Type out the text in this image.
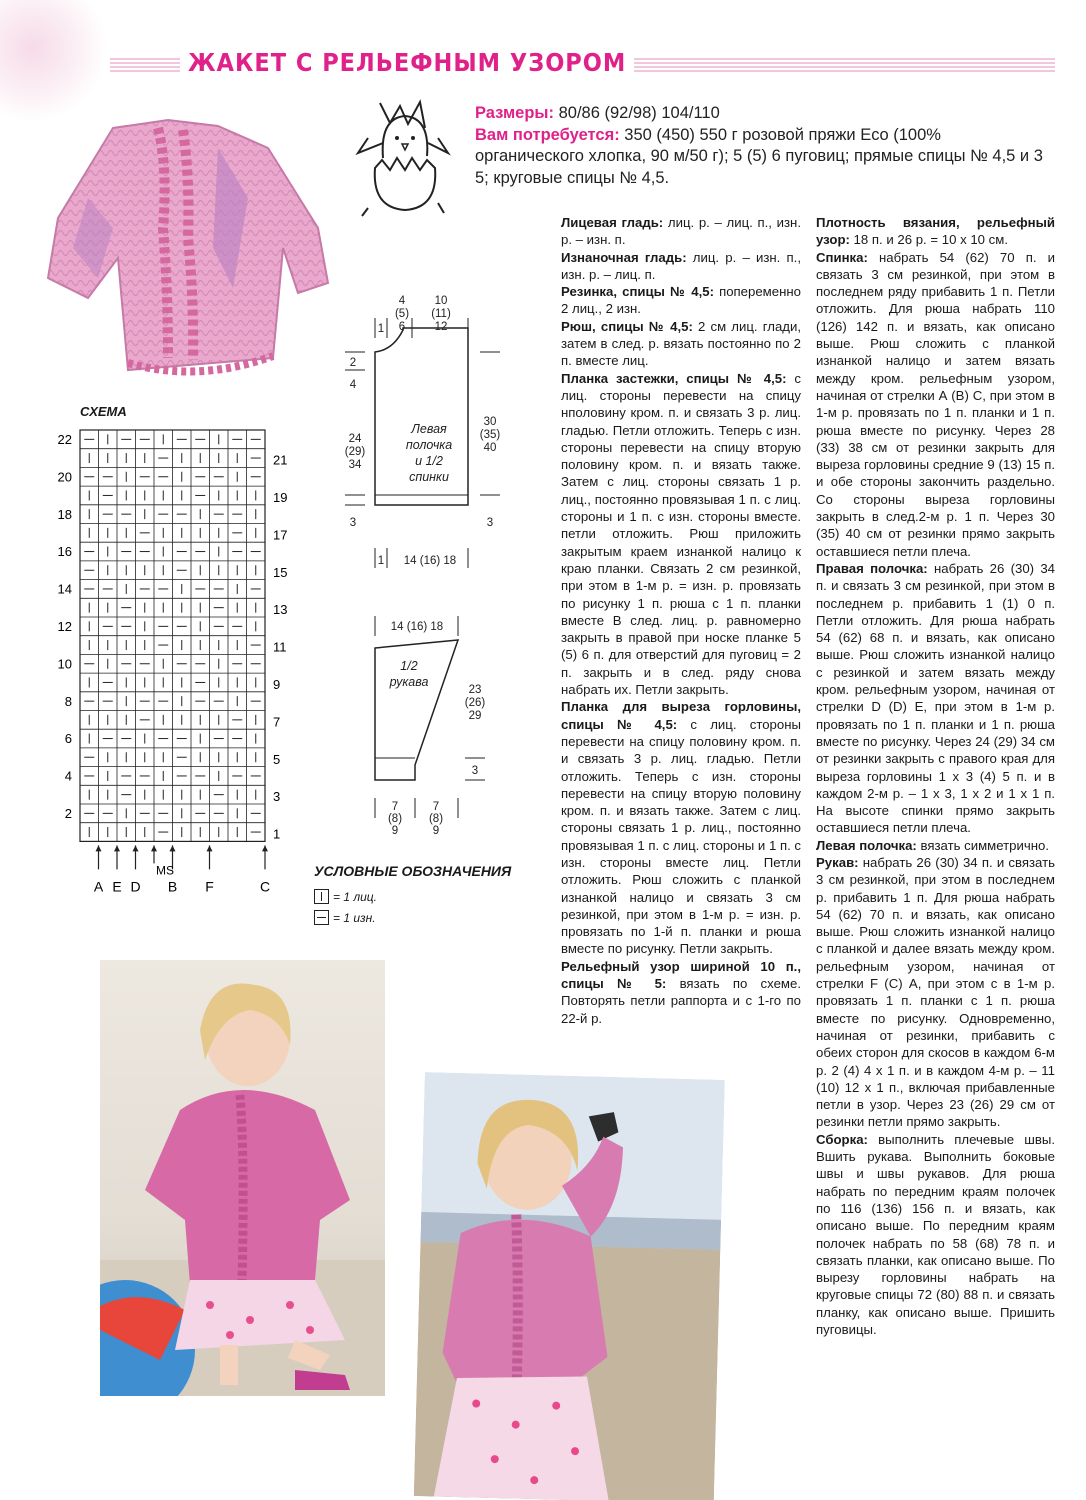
ЖАКЕТ С РЕЛЬЕФНЫМ УЗОРОМ
Размеры: 80/86 (92/98) 104/110
Вам потребуется: 350 (450) 550 г розовой пряжи Eco (100% органического хлопка, 90 м/50 г); 5 (5) 6 пуговиц; прямые спицы № 4,5 и 3 5; круговые спицы № 4,5.

Лицевая гладь: лиц. р. – лиц. п., изн. р. – изн. п.

Изнаночная гладь: лиц. р. – изн. п., изн. р. – лиц. п.

Резинка, спицы № 4,5: попеременно 2 лиц., 2 изн.

Рюш, спицы № 4,5: 2 см лиц. глади, затем в след. р. вязать постоянно по 2 п. вместе лиц.

Планка застежки, спицы № 4,5: с лиц. стороны перевести на спицу нполовину кром. п. и связать 3 р. лиц. гладью. Петли отложить. Теперь с изн. стороны перевести на спицу вторую половину кром. п. и вязать также. Затем с лиц. стороны связать 1 р. лиц., постоянно провязывая 1 п. с лиц. стороны и 1 п. с изн. стороны вместе. петли отложить. Рюш приложить закрытым краем изнанкой налицо к краю планки. Связать 2 см резинкой, при этом в 1-м р. = изн. р. провязать по рисунку 1 п. рюша с 1 п. планки вместе В след. лиц. р. равномерно закрыть в правой при носке планке 5 (5) 6 п. для отверстий для пуговиц = 2 п. закрыть и в след. ряду снова набрать их. Петли закрыть.

Планка для выреза горловины, спицы № 4,5: с лиц. стороны перевести на спицу половину кром. п. и связать 3 р. лиц. гладью. Петли отложить. Теперь с изн. стороны перевести на спицу вторую половину кром. п. и вязать также. Затем с лиц. стороны связать 1 р. лиц., постоянно провязывая 1 п. с лиц. стороны и 1 п. с изн. стороны вместе лиц. Петли отложить. Рюш сложить с планкой изнанкой налицо и связать 3 см резинкой, при этом в 1-м р. = изн. р. провязать по 1-й п. планки и рюша вместе по рисунку. Петли закрыть.

Рельефный узор шириной 10 п., спицы № 5: вязать по схеме. Повторять петли раппорта и с 1-го по 22-й р.

Плотность вязания, рельефный узор: 18 п. и 26 р. = 10 х 10 см.

Спинка: набрать 54 (62) 70 п. и связать 3 см резинкой, при этом в последнем ряду прибавить 1 п. Петли отложить. Для рюша набрать 110 (126) 142 п. и вязать, как описано выше. Рюш сложить с планкой изнанкой налицо и затем вязать между кром. рельефным узором, начиная от стрелки А (В) С, при этом в 1-м р. провязать по 1 п. планки и 1 п. рюша вместе по рисунку. Через 28 (33) 38 см от резинки закрыть для выреза горловины средние 9 (13) 15 п. и обе стороны закончить раздельно. Со стороны выреза горловины закрыть в след.2-м р. 1 п. Через 30 (35) 40 см от резинки прямо закрыть оставшиеся петли плеча.

Правая полочка: набрать 26 (30) 34 п. и связать 3 см резинкой, при этом в последнем р. прибавить 1 (1) 0 п. Петли отложить. Для рюша набрать 54 (62) 68 п. и вязать, как описано выше. Рюш сложить изнанкой налицо с резинкой и затем вязать между кром. рельефным узором, начиная от стрелки D (D) E, при этом в 1-м р. провязать по 1 п. планки и 1 п. рюша вместе по рисунку. Через 24 (29) 34 см от резинки закрыть с правого края для выреза горловины 1 х 3 (4) 5 п. и в каждом 2-м р. – 1 х 3, 1 х 2 и 1 х 1 п. На высоте спинки прямо закрыть оставшиеся петли плеча.

Левая полочка: вязать симметрично.

Рукав: набрать 26 (30) 34 п. и связать 3 см резинкой, при этом в последнем р. прибавить 1 п. Для рюша набрать 54 (62) 70 п. и вязать, как описано выше. Рюш сложить изнанкой налицо с планкой и далее вязать между кром. рельефным узором, начиная от стрелки F (С) А, при этом с в 1-м р. провязать 1 п. планки с 1 п. рюша вместе по рисунку. Одновременно, начиная от резинки, прибавить с обеих сторон для скосов в каждом 6-м р. 2 (4) 4 х 1 п. и в каждом 4-м р. – 11 (10) 12 х 1 п., включая прибавленные петли в узор. Через 23 (26) 29 см от резинки петли прямо закрыть.

Сборка: выполнить плечевые швы. Вшить рукава. Выполнить боковые швы и швы рукавов. Для рюша набрать по передним краям полочек по 116 (136) 156 п. и вязать, как описано выше. По передним краям полочек набрать по 58 (68) 78 п. и связать планки, как описано выше. По вырезу горловины набрать на круговые спицы 72 (80) 88 п. и связать планку, как описано выше. Пришить пуговицы.

СХЕМА
22
20
18
16
14
12
10
8
6
4
2
21
19
17
15
13
11
9
7
5
3
1
A E D B F	C
MS	УСЛОВНЫЕ ОБОЗНАЧЕНИЯ
= 1 лиц.
= 1 изн.
4 (5) 6
10 (11) 12
1
2
4
24 (29) 34
3
30 (35) 40
3
Левая полочка и 1/2 спинки
1 14 (16) 18
14 (16) 18
1/2 рукава
23 (26) 29
3
7 (8) 9
7 (8) 9
